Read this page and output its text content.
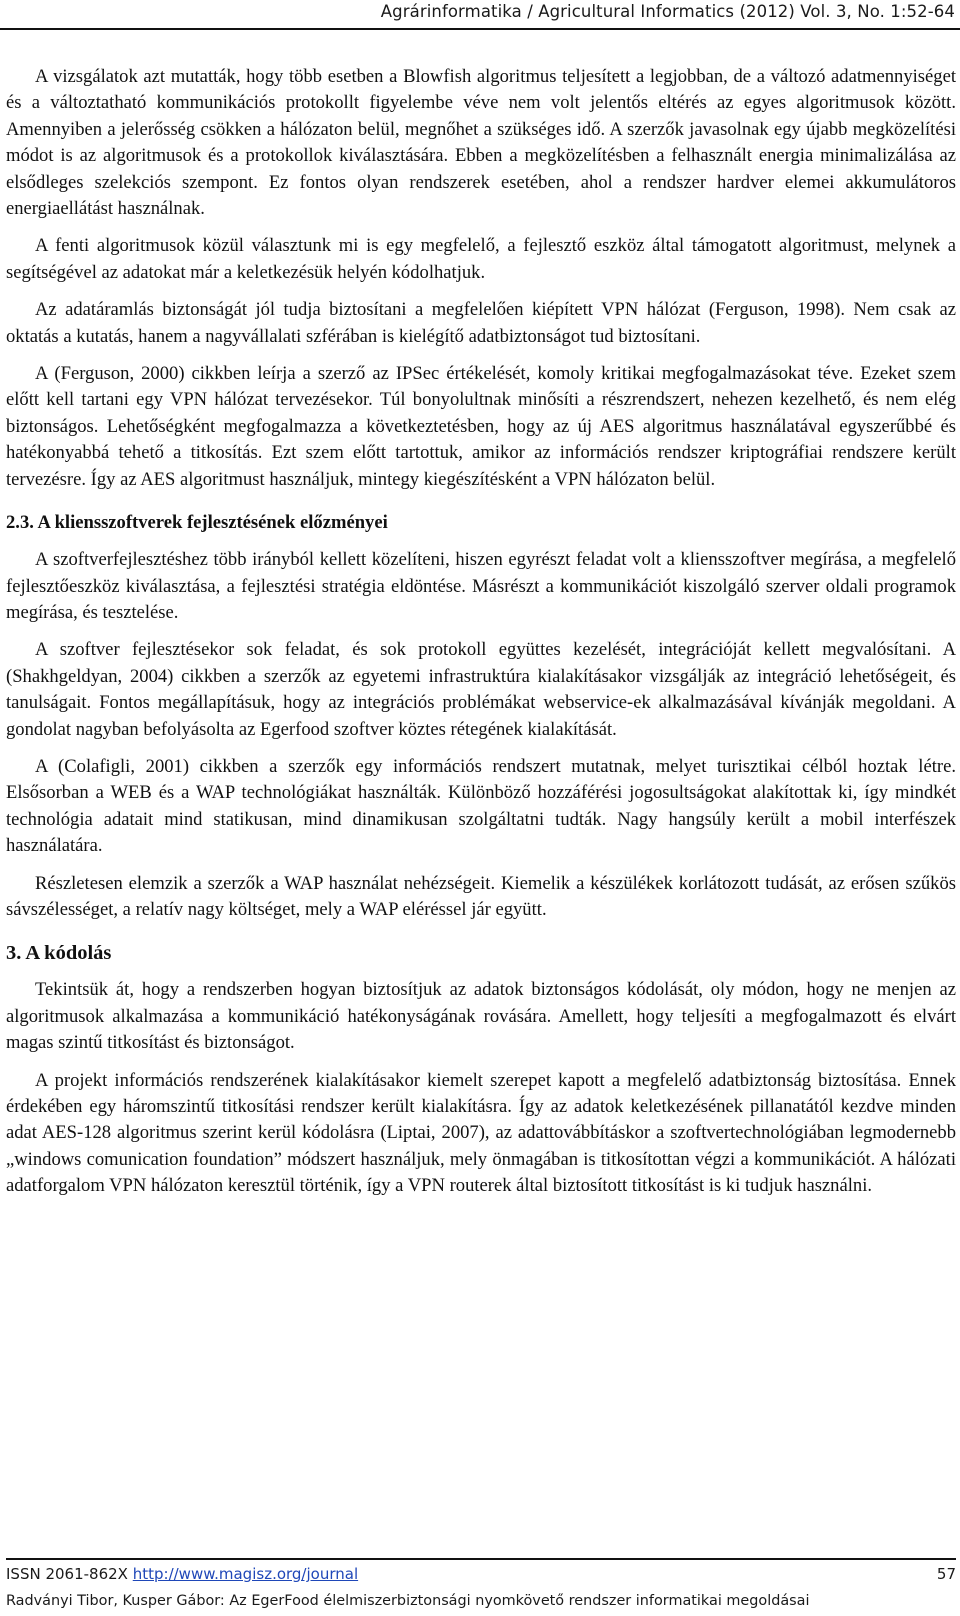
Agrárinformatika / Agricultural Informatics (2012) Vol. 3, No. 1:52-64

A vizsgálatok azt mutatták, hogy több esetben a Blowfish algoritmus teljesített a legjobban, de a változó adatmennyiséget és a változtatható kommunikációs protokollt figyelembe véve nem volt jelentős eltérés az egyes algoritmusok között. Amennyiben a jelerősség csökken a hálózaton belül, megnőhet a szükséges idő. A szerzők javasolnak egy újabb megközelítési módot is az algoritmusok és a protokollok kiválasztására. Ebben a megközelítésben a felhasznált energia minimalizálása az elsődleges szelekciós szempont. Ez fontos olyan rendszerek esetében, ahol a rendszer hardver elemei akkumulátoros energiaellátást használnak.

A fenti algoritmusok közül választunk mi is egy megfelelő, a fejlesztő eszköz által támogatott algoritmust, melynek a segítségével az adatokat már a keletkezésük helyén kódolhatjuk.

Az adatáramlás biztonságát jól tudja biztosítani a megfelelően kiépített VPN hálózat (Ferguson, 1998). Nem csak az oktatás a kutatás, hanem a nagyvállalati szférában is kielégítő adatbiztonságot tud biztosítani.

A (Ferguson, 2000) cikkben leírja a szerző az IPSec értékelését, komoly kritikai megfogalmazásokat téve. Ezeket szem előtt kell tartani egy VPN hálózat tervezésekor. Túl bonyolultnak minősíti a részrendszert, nehezen kezelhető, és nem elég biztonságos. Lehetőségként megfogalmazza a következtetésben, hogy az új AES algoritmus használatával egyszerűbbé és hatékonyabbá tehető a titkosítás. Ezt szem előtt tartottuk, amikor az információs rendszer kriptográfiai rendszere került tervezésre. Így az AES algoritmust használjuk, mintegy kiegészítésként a VPN hálózaton belül.

2.3. A kliensszoftverek fejlesztésének előzményei

A szoftverfejlesztéshez több irányból kellett közelíteni, hiszen egyrészt feladat volt a kliensszoftver megírása, a megfelelő fejlesztőeszköz kiválasztása, a fejlesztési stratégia eldöntése. Másrészt a kommunikációt kiszolgáló szerver oldali programok megírása, és tesztelése.

A szoftver fejlesztésekor sok feladat, és sok protokoll együttes kezelését, integrációját kellett megvalósítani. A (Shakhgeldyan, 2004) cikkben a szerzők az egyetemi infrastruktúra kialakításakor vizsgálják az integráció lehetőségeit, és tanulságait. Fontos megállapításuk, hogy az integrációs problémákat webservice-ek alkalmazásával kívánják megoldani. A gondolat nagyban befolyásolta az Egerfood szoftver köztes rétegének kialakítását.

A (Colafigli, 2001) cikkben a szerzők egy információs rendszert mutatnak, melyet turisztikai célból hoztak létre. Elsősorban a WEB és a WAP technológiákat használták. Különböző hozzáférési jogosultságokat alakítottak ki, így mindkét technológia adatait mind statikusan, mind dinamikusan szolgáltatni tudták. Nagy hangsúly került a mobil interfészek használatára.

Részletesen elemzik a szerzők a WAP használat nehézségeit. Kiemelik a készülékek korlátozott tudását, az erősen szűkös sávszélességet, a relatív nagy költséget, mely a WAP eléréssel jár együtt.

3. A kódolás

Tekintsük át, hogy a rendszerben hogyan biztosítjuk az adatok biztonságos kódolását, oly módon, hogy ne menjen az algoritmusok alkalmazása a kommunikáció hatékonyságának rovására. Amellett, hogy teljesíti a megfogalmazott és elvárt magas szintű titkosítást és biztonságot.

A projekt információs rendszerének kialakításakor kiemelt szerepet kapott a megfelelő adatbiztonság biztosítása. Ennek érdekében egy háromszintű titkosítási rendszer került kialakításra. Így az adatok keletkezésének pillanatától kezdve minden adat AES-128 algoritmus szerint kerül kódolásra (Liptai, 2007), az adattovábbításkor a szoftvertechnológiában legmodernebb „windows comunication foundation” módszert használjuk, mely önmagában is titkosítottan végzi a kommunikációt. A hálózati adatforgalom VPN hálózaton keresztül történik, így a VPN routerek által biztosított titkosítást is ki tudjuk használni.

ISSN 2061-862X http://www.magisz.org/journal	57
Radványi Tibor, Kusper Gábor: Az EgerFood élelmiszerbiztonsági nyomkövető rendszer informatikai megoldásai
